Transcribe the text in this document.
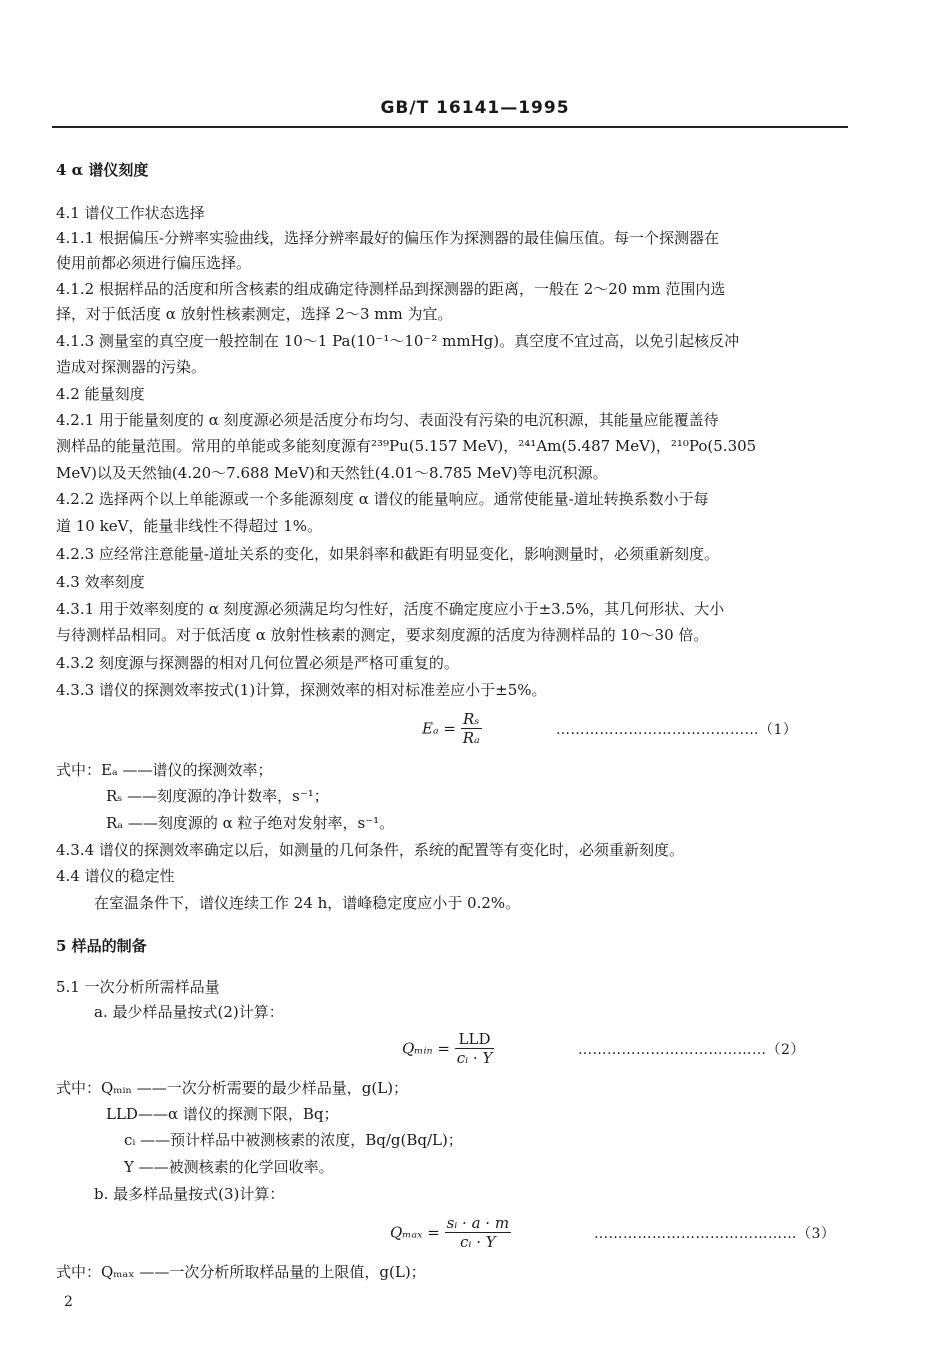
GB/T 16141—1995
4 α 谱仪刻度
4.1 谱仪工作状态选择
4.1.1 根据偏压-分辨率实验曲线，选择分辨率最好的偏压作为探测器的最佳偏压值。每一个探测器在
使用前都必须进行偏压选择。
4.1.2 根据样品的活度和所含核素的组成确定待测样品到探测器的距离，一般在 2～20 mm 范围内选
择，对于低活度 α 放射性核素测定，选择 2～3 mm 为宜。
4.1.3 测量室的真空度一般控制在 10～1 Pa(10⁻¹～10⁻² mmHg)。真空度不宜过高，以免引起核反冲
造成对探测器的污染。
4.2 能量刻度
4.2.1 用于能量刻度的 α 刻度源必须是活度分布均匀、表面没有污染的电沉积源，其能量应能覆盖待
测样品的能量范围。常用的单能或多能刻度源有²³⁹Pu(5.157 MeV)，²⁴¹Am(5.487 MeV)，²¹⁰Po(5.305
MeV)以及天然铀(4.20～7.688 MeV)和天然钍(4.01～8.785 MeV)等电沉积源。
4.2.2 选择两个以上单能源或一个多能源刻度 α 谱仪的能量响应。通常使能量-道址转换系数小于每
道 10 keV，能量非线性不得超过 1%。
4.2.3 应经常注意能量-道址关系的变化，如果斜率和截距有明显变化，影响测量时，必须重新刻度。
4.3 效率刻度
4.3.1 用于效率刻度的 α 刻度源必须满足均匀性好，活度不确定度应小于±3.5%，其几何形状、大小
与待测样品相同。对于低活度 α 放射性核素的测定，要求刻度源的活度为待测样品的 10～30 倍。
4.3.2 刻度源与探测器的相对几何位置必须是严格可重复的。
4.3.3 谱仪的探测效率按式(1)计算，探测效率的相对标准差应小于±5%。
$E_a = \frac{\text{Rₛ}}{\text{Rₐ}}$	……………………………………（1）
式中：Eₐ ——谱仪的探测效率；
Rₛ ——刻度源的净计数率，s⁻¹；
Rₐ ——刻度源的 α 粒子绝对发射率，s⁻¹。
4.3.4 谱仪的探测效率确定以后，如测量的几何条件，系统的配置等有变化时，必须重新刻度。
4.4 谱仪的稳定性
在室温条件下，谱仪连续工作 24 h，谱峰稳定度应小于 0.2%。
5 样品的制备
5.1 一次分析所需样品量
a. 最少样品量按式(2)计算：
Qₘᵢₙ = $\frac{\text{LLD}}{\text{cᵢ · Y}}$	…………………………………（2）
式中：Qₘᵢₙ ——一次分析需要的最少样品量，g(L)；
LLD——α 谱仪的探测下限，Bq；
cᵢ ——预计样品中被测核素的浓度，Bq/g(Bq/L)；
Y ——被测核素的化学回收率。
b. 最多样品量按式(3)计算：
$Q_{max} = \frac{\text{sᵢ · a · m}}{\text{cᵢ · Y}}$	……………………………………（3）
式中：Qₘₐₓ ——一次分析所取样品量的上限值，g(L)；
2
